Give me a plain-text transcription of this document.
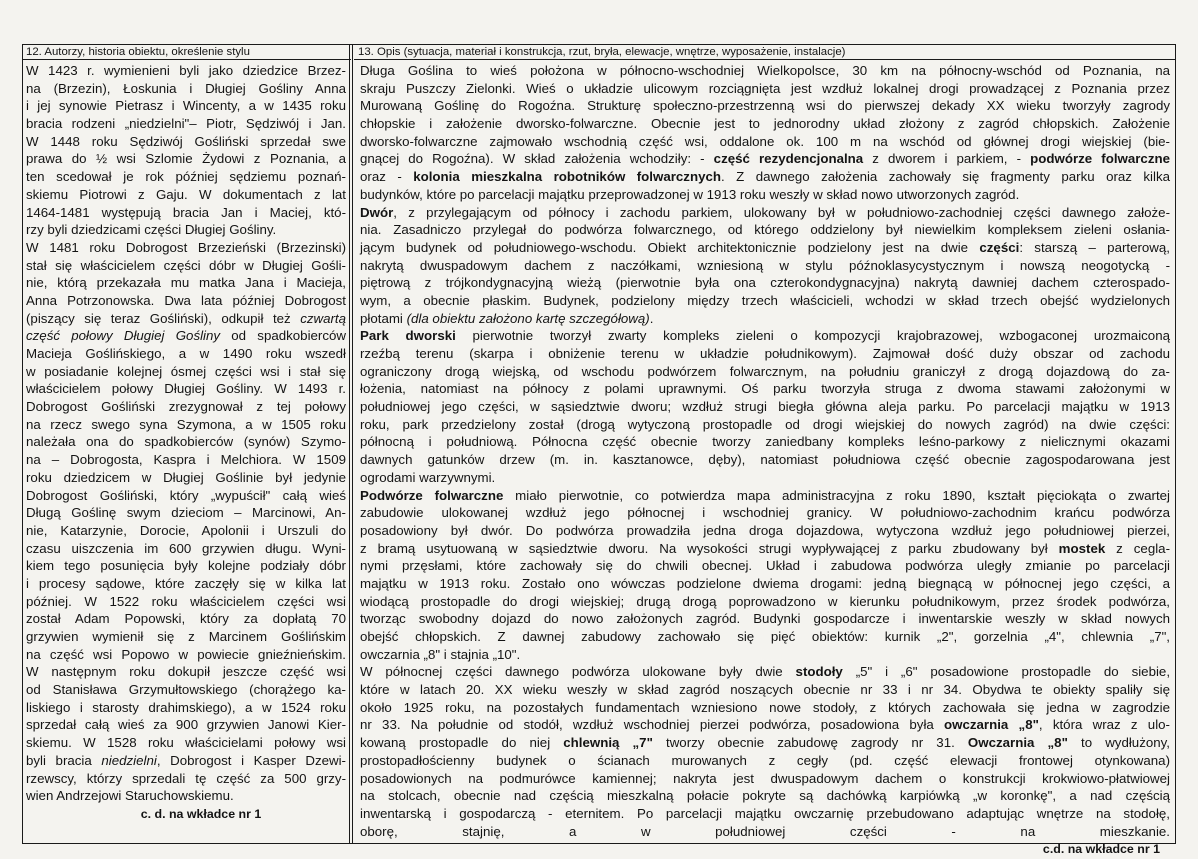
12. Autorzy, historia obiektu, określenie stylu	13. Opis (sytuacja, materiał i konstrukcja, rzut, bryła, elewacje, wnętrze, wyposażenie, instalacje)
W 1423 r. wymienieni byli jako dziedzice Brzez-
na (Brzezin), Łoskunia i Długiej Gośliny Anna
i jej synowie Pietrasz i Wincenty, a w 1435 roku
bracia rodzeni „niedzielni"– Piotr, Sędziwój i Jan.
W 1448 roku Sędziwój Gośliński sprzedał swe
prawa do ½ wsi Szlomie Żydowi z Poznania, a
ten scedował je rok później sędziemu poznań-
skiemu Piotrowi z Gaju. W dokumentach z lat
1464-1481 występują bracia Jan i Maciej, któ-
rzy byli dziedzicami części Długiej Gośliny.
W 1481 roku Dobrogost Brzezieński (Brzezinski)
stał się właścicielem części dóbr w Długiej Gośli-
nie, którą przekazała mu matka Jana i Macieja,
Anna Potrzonowska. Dwa lata później Dobrogost
(piszący się teraz Gośliński), odkupił też czwartą
część połowy Długiej Gośliny od spadkobierców
Macieja Goślińskiego, a w 1490 roku wszedł
w posiadanie kolejnej ósmej części wsi i stał się
właścicielem połowy Długiej Gośliny. W 1493 r.
Dobrogost Gośliński zrezygnował z tej połowy
na rzecz swego syna Szymona, a w 1505 roku
należała ona do spadkobierców (synów) Szymo-
na – Dobrogosta, Kaspra i Melchiora. W 1509
roku dziedzicem w Długiej Goślinie był jedynie
Dobrogost Gośliński, który „wypuścił" całą wieś
Długą Goślinę swym dzieciom – Marcinowi, An-
nie, Katarzynie, Dorocie, Apolonii i Urszuli do
czasu uiszczenia im 600 grzywien długu. Wyni-
kiem tego posunięcia były kolejne podziały dóbr
i procesy sądowe, które zaczęły się w kilka lat
później. W 1522 roku właścicielem części wsi
został Adam Popowski, który za dopłatą 70
grzywien wymienił się z Marcinem Goślińskim
na część wsi Popowo w powiecie gnieźnieńskim.
W następnym roku dokupił jeszcze część wsi
od Stanisława Grzymułtowskiego (chorążego ka-
liskiego i starosty drahimskiego), a w 1524 roku
sprzedał całą wieś za 900 grzywien Janowi Kier-
skiemu. W 1528 roku właścicielami połowy wsi
byli bracia niedzielni, Dobrogost i Kasper Dzewi-
rzewscy, którzy sprzedali tę część za 500 grzy-
wien Andrzejowi Staruchowskiemu.
c. d. na wkładce nr 1
Długa Goślina to wieś położona w północno-wschodniej Wielkopolsce, 30 km na północny-wschód od Poznania, na
skraju Puszczy Zielonki. Wieś o układzie ulicowym rozciągnięta jest wzdłuż lokalnej drogi prowadzącej z Poznania przez
Murowaną Goślinę do Rogoźna. Strukturę społeczno-przestrzenną wsi do pierwszej dekady XX wieku tworzyły zagrody
chłopskie i założenie dworsko-folwarczne. Obecnie jest to jednorodny układ złożony z zagród chłopskich. Założenie
dworsko-folwarczne zajmowało wschodnią część wsi, oddalone ok. 100 m na wschód od głównej drogi wiejskiej (bie-
gnącej do Rogoźna). W skład założenia wchodziły: - część rezydencjonalna z dworem i parkiem, - podwórze folwarczne
oraz - kolonia mieszkalna robotników folwarcznych. Z dawnego założenia zachowały się fragmenty parku oraz kilka
budynków, które po parcelacji majątku przeprowadzonej w 1913 roku weszły w skład nowo utworzonych zagród.
Dwór, z przylegającym od północy i zachodu parkiem, ulokowany był w południowo-zachodniej części dawnego założe-
nia. Zasadniczo przylegał do podwórza folwarcznego, od którego oddzielony był niewielkim kompleksem zieleni osłania-
jącym budynek od południowego-wschodu. Obiekt architektonicznie podzielony jest na dwie części: starszą – parterową,
nakrytą dwuspadowym dachem z naczółkami, wzniesioną w stylu późnoklasycystycznym i nowszą neogotycką -
piętrową z trójkondygnacyjną wieżą (pierwotnie była ona czterokondygnacyjna) nakrytą dawniej dachem czterospado-
wym, a obecnie płaskim. Budynek, podzielony między trzech właścicieli, wchodzi w skład trzech obejść wydzielonych
płotami (dla obiektu założono kartę szczegółową).
Park dworski pierwotnie tworzył zwarty kompleks zieleni o kompozycji krajobrazowej, wzbogaconej urozmaiconą
rzeźbą terenu (skarpa i obniżenie terenu w układzie południkowym). Zajmował dość duży obszar od zachodu
ograniczony drogą wiejską, od wschodu podwórzem folwarcznym, na południu graniczył z drogą dojazdową do za-
łożenia, natomiast na północy z polami uprawnymi. Oś parku tworzyła struga z dwoma stawami założonymi w
południowej jego części, w sąsiedztwie dworu; wzdłuż strugi biegła główna aleja parku. Po parcelacji majątku w 1913
roku, park przedzielony został (drogą wytyczoną prostopadle od drogi wiejskiej do nowych zagród) na dwie części:
północną i południową. Północna część obecnie tworzy zaniedbany kompleks leśno-parkowy z nielicznymi okazami
dawnych gatunków drzew (m. in. kasztanowce, dęby), natomiast południowa część obecnie zagospodarowana jest
ogrodami warzywnymi.
Podwórze folwarczne miało pierwotnie, co potwierdza mapa administracyjna z roku 1890, kształt pięciokąta o zwartej
zabudowie ulokowanej wzdłuż jego północnej i wschodniej granicy. W południowo-zachodnim krańcu podwórza
posadowiony był dwór. Do podwórza prowadziła jedna droga dojazdowa, wytyczona wzdłuż jego południowej pierzei,
z bramą usytuowaną w sąsiedztwie dworu. Na wysokości strugi wypływającej z parku zbudowany był mostek z cegla-
nymi przęsłami, które zachowały się do chwili obecnej. Układ i zabudowa podwórza uległy zmianie po parcelacji
majątku w 1913 roku. Zostało ono wówczas podzielone dwiema drogami: jedną biegnącą w północnej jego części, a
wiodącą prostopadle do drogi wiejskiej; drugą drogą poprowadzono w kierunku południkowym, przez środek podwórza,
tworząc swobodny dojazd do nowo założonych zagród. Budynki gospodarcze i inwentarskie weszły w skład nowych
obejść chłopskich. Z dawnej zabudowy zachowało się pięć obiektów: kurnik „2", gorzelnia „4", chlewnia „7",
owczarnia „8" i stajnia „10".
W północnej części dawnego podwórza ulokowane były dwie stodoły „5" i „6" posadowione prostopadle do siebie,
które w latach 20. XX wieku weszły w skład zagród noszących obecnie nr 33 i nr 34. Obydwa te obiekty spaliły się
około 1925 roku, na pozostałych fundamentach wzniesiono nowe stodoły, z których zachowała się jedna w zagrodzie
nr 33. Na południe od stodół, wzdłuż wschodniej pierzei podwórza, posadowiona była owczarnia „8", która wraz z ulo-
kowaną prostopadle do niej chlewnią „7" tworzy obecnie zabudowę zagrody nr 31. Owczarnia „8" to wydłużony,
prostopadłościenny budynek o ścianach murowanych z cegły (pd. część elewacji frontowej otynkowana)
posadowionych na podmurówce kamiennej; nakryta jest dwuspadowym dachem o konstrukcji krokwiowo-płatwiowej
na stolcach, obecnie nad częścią mieszkalną połacie pokryte są dachówką karpiówką „w koronkę", a nad częścią
inwentarską i gospodarczą - eternitem. Po parcelacji majątku owczarnię przebudowano adaptując wnętrze na stodołę,
oborę, stajnię, a w południowej części - na mieszkanie.
c.d. na wkładce nr 1
